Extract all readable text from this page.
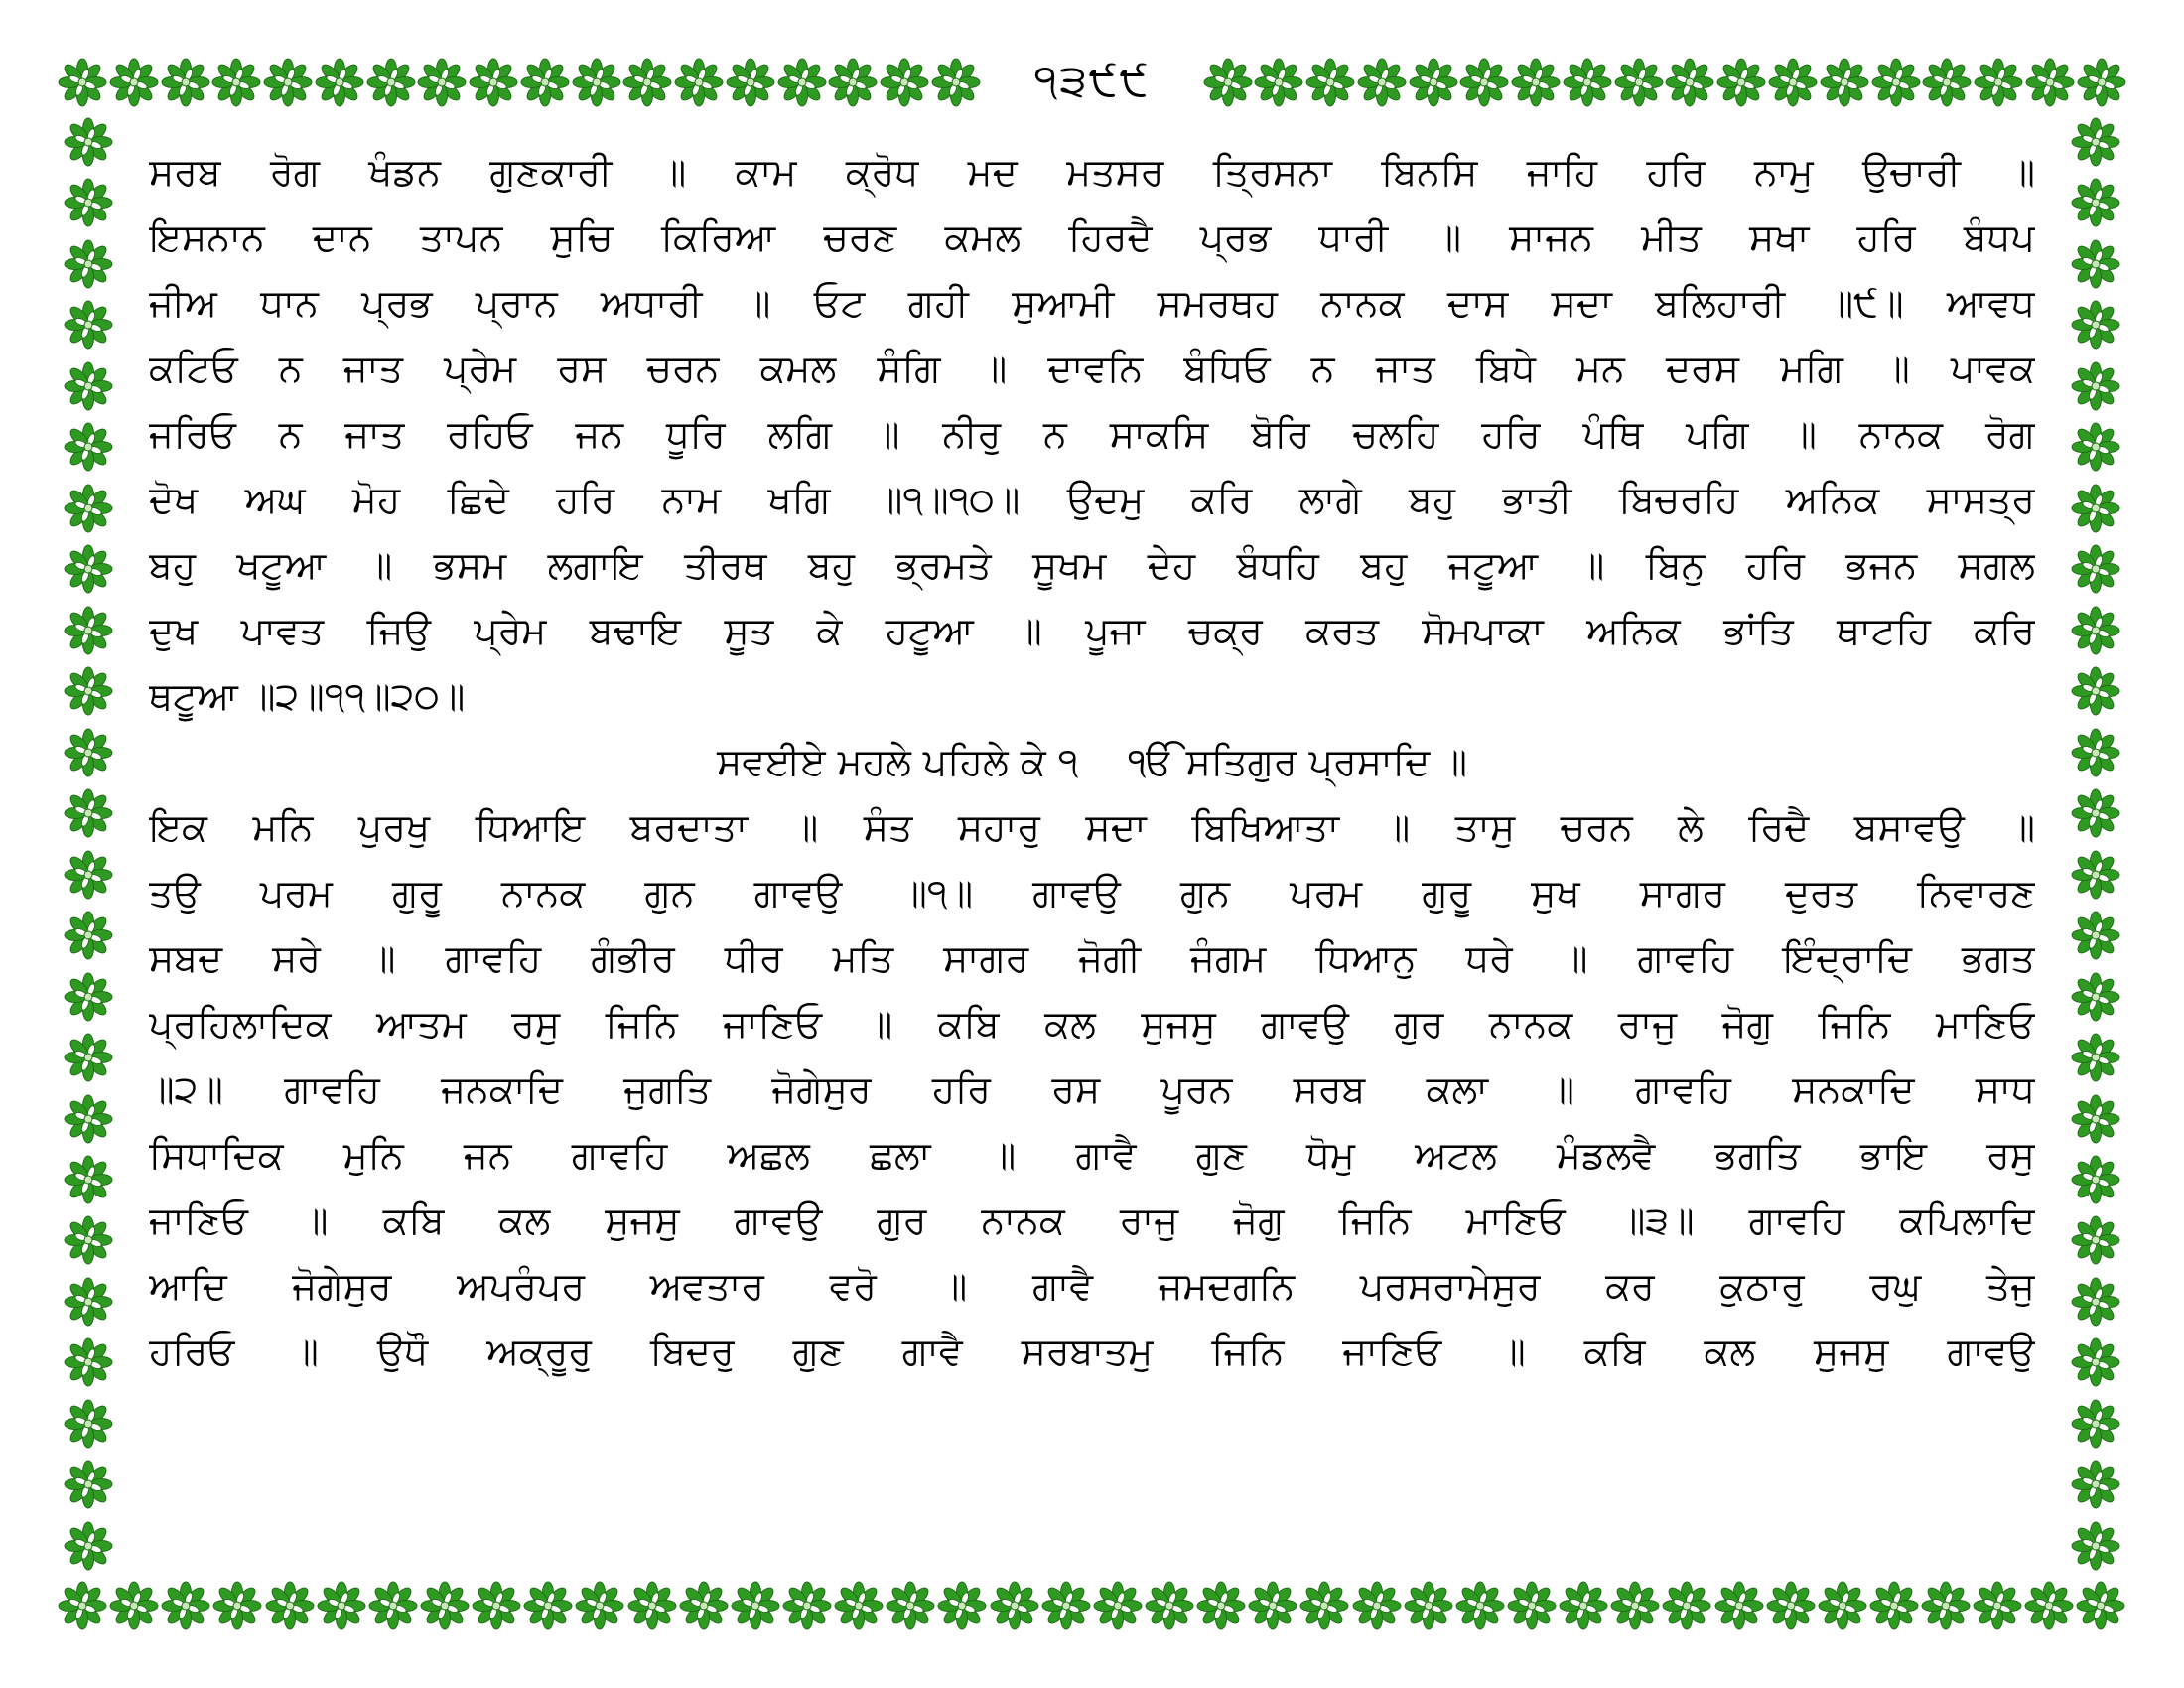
੧੩੯੯
ਸਰਬ ਰੋਗ ਖੰਡਨ ਗੁਣਕਾਰੀ ॥ ਕਾਮ ਕ੍ਰੋਧ ਮਦ ਮਤਸਰ ਤ੍ਰਿਸਨਾ ਬਿਨਸਿ ਜਾਹਿ ਹਰਿ ਨਾਮੁ ਉਚਾਰੀ ॥
ਇਸਨਾਨ ਦਾਨ ਤਾਪਨ ਸੁਚਿ ਕਿਰਿਆ ਚਰਣ ਕਮਲ ਹਿਰਦੈ ਪ੍ਰਭ ਧਾਰੀ ॥ ਸਾਜਨ ਮੀਤ ਸਖਾ ਹਰਿ ਬੰਧਪ
ਜੀਅ ਧਾਨ ਪ੍ਰਭ ਪ੍ਰਾਨ ਅਧਾਰੀ ॥ ਓਟ ਗਹੀ ਸੁਆਮੀ ਸਮਰਥਹ ਨਾਨਕ ਦਾਸ ਸਦਾ ਬਲਿਹਾਰੀ ॥੯॥ ਆਵਧ
ਕਟਿਓ ਨ ਜਾਤ ਪ੍ਰੇਮ ਰਸ ਚਰਨ ਕਮਲ ਸੰਗਿ ॥ ਦਾਵਨਿ ਬੰਧਿਓ ਨ ਜਾਤ ਬਿਧੇ ਮਨ ਦਰਸ ਮਗਿ ॥ ਪਾਵਕ
ਜਰਿਓ ਨ ਜਾਤ ਰਹਿਓ ਜਨ ਧੂਰਿ ਲਗਿ ॥ ਨੀਰੁ ਨ ਸਾਕਸਿ ਬੋਰਿ ਚਲਹਿ ਹਰਿ ਪੰਥਿ ਪਗਿ ॥ ਨਾਨਕ ਰੋਗ
ਦੋਖ ਅਘ ਮੋਹ ਛਿਦੇ ਹਰਿ ਨਾਮ ਖਗਿ ॥੧॥੧੦॥ ਉਦਮੁ ਕਰਿ ਲਾਗੇ ਬਹੁ ਭਾਤੀ ਬਿਚਰਹਿ ਅਨਿਕ ਸਾਸਤ੍ਰ
ਬਹੁ ਖਟੂਆ ॥ ਭਸਮ ਲਗਾਇ ਤੀਰਥ ਬਹੁ ਭ੍ਰਮਤੇ ਸੂਖਮ ਦੇਹ ਬੰਧਹਿ ਬਹੁ ਜਟੂਆ ॥ ਬਿਨੁ ਹਰਿ ਭਜਨ ਸਗਲ
ਦੁਖ ਪਾਵਤ ਜਿਉ ਪ੍ਰੇਮ ਬਢਾਇ ਸੂਤ ਕੇ ਹਟੂਆ ॥ ਪੂਜਾ ਚਕ੍ਰ ਕਰਤ ਸੋਮਪਾਕਾ ਅਨਿਕ ਭਾਂਤਿ ਥਾਟਹਿ ਕਰਿ
ਥਟੂਆ ॥੨॥੧੧॥੨੦॥
ਸਵਈਏ ਮਹਲੇ ਪਹਿਲੇ ਕੇ ੧ ੴ ਸਤਿਗੁਰ ਪ੍ਰਸਾਦਿ ॥
ਇਕ ਮਨਿ ਪੁਰਖੁ ਧਿਆਇ ਬਰਦਾਤਾ ॥ ਸੰਤ ਸਹਾਰੁ ਸਦਾ ਬਿਖਿਆਤਾ ॥ ਤਾਸੁ ਚਰਨ ਲੇ ਰਿਦੈ ਬਸਾਵਉ ॥
ਤਉ ਪਰਮ ਗੁਰੂ ਨਾਨਕ ਗੁਨ ਗਾਵਉ ॥੧॥ ਗਾਵਉ ਗੁਨ ਪਰਮ ਗੁਰੂ ਸੁਖ ਸਾਗਰ ਦੁਰਤ ਨਿਵਾਰਣ
ਸਬਦ ਸਰੇ ॥ ਗਾਵਹਿ ਗੰਭੀਰ ਧੀਰ ਮਤਿ ਸਾਗਰ ਜੋਗੀ ਜੰਗਮ ਧਿਆਨੁ ਧਰੇ ॥ ਗਾਵਹਿ ਇੰਦ੍ਰਾਦਿ ਭਗਤ
ਪ੍ਰਹਿਲਾਦਿਕ ਆਤਮ ਰਸੁ ਜਿਨਿ ਜਾਣਿਓ ॥ ਕਬਿ ਕਲ ਸੁਜਸੁ ਗਾਵਉ ਗੁਰ ਨਾਨਕ ਰਾਜੁ ਜੋਗੁ ਜਿਨਿ ਮਾਣਿਓ
॥੨॥ ਗਾਵਹਿ ਜਨਕਾਦਿ ਜੁਗਤਿ ਜੋਗੇਸੁਰ ਹਰਿ ਰਸ ਪੂਰਨ ਸਰਬ ਕਲਾ ॥ ਗਾਵਹਿ ਸਨਕਾਦਿ ਸਾਧ
ਸਿਧਾਦਿਕ ਮੁਨਿ ਜਨ ਗਾਵਹਿ ਅਛਲ ਛਲਾ ॥ ਗਾਵੈ ਗੁਣ ਧੋਮੁ ਅਟਲ ਮੰਡਲਵੈ ਭਗਤਿ ਭਾਇ ਰਸੁ
ਜਾਣਿਓ ॥ ਕਬਿ ਕਲ ਸੁਜਸੁ ਗਾਵਉ ਗੁਰ ਨਾਨਕ ਰਾਜੁ ਜੋਗੁ ਜਿਨਿ ਮਾਣਿਓ ॥੩॥ ਗਾਵਹਿ ਕਪਿਲਾਦਿ
ਆਦਿ ਜੋਗੇਸੁਰ ਅਪਰੰਪਰ ਅਵਤਾਰ ਵਰੋ ॥ ਗਾਵੈ ਜਮਦਗਨਿ ਪਰਸਰਾਮੇਸੁਰ ਕਰ ਕੁਠਾਰੁ ਰਘੁ ਤੇਜੁ
ਹਰਿਓ ॥ ਉਧੌ ਅਕ੍ਰੂਰੁ ਬਿਦਰੁ ਗੁਣ ਗਾਵੈ ਸਰਬਾਤਮੁ ਜਿਨਿ ਜਾਣਿਓ ॥ ਕਬਿ ਕਲ ਸੁਜਸੁ ਗਾਵਉ
